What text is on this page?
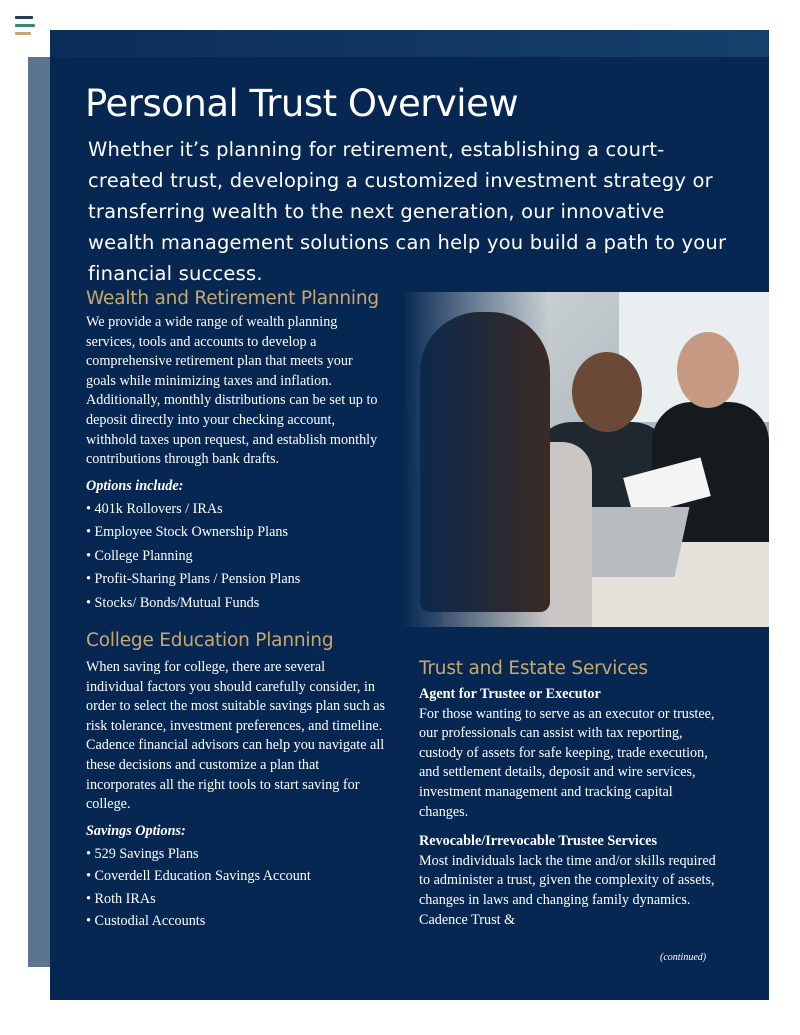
Personal Trust Overview
Whether it’s planning for retirement, establishing a court-created trust, developing a customized investment strategy or transferring wealth to the next generation, our innovative wealth management solutions can help you build a path to your financial success.
Wealth and Retirement Planning
We provide a wide range of wealth planning services, tools and accounts to develop a comprehensive retirement plan that meets your goals while minimizing taxes and inflation. Additionally, monthly distributions can be set up to deposit directly into your checking account, withhold taxes upon request, and establish monthly contributions through bank drafts.
Options include:
• 401k Rollovers / IRAs
• Employee Stock Ownership Plans
• College Planning
• Profit-Sharing Plans / Pension Plans
• Stocks/ Bonds/Mutual Funds
College Education Planning
When saving for college, there are several individual factors you should carefully consider, in order to select the most suitable savings plan such as risk tolerance, investment preferences, and timeline. Cadence financial advisors can help you navigate all these decisions and customize a plan that incorporates all the right tools to start saving for college.
Savings Options:
• 529 Savings Plans
• Coverdell Education Savings Account
• Roth IRAs
• Custodial Accounts
Trust and Estate Services
Agent for Trustee or Executor
For those wanting to serve as an executor or trustee, our professionals can assist with tax reporting, custody of assets for safe keeping, trade execution, and settlement details, deposit and wire services, investment management and tracking capital changes.
Revocable/Irrevocable Trustee Services
Most individuals lack the time and/or skills required to administer a trust, given the complexity of assets, changes in laws and changing family dynamics. Cadence Trust &
(continued)
